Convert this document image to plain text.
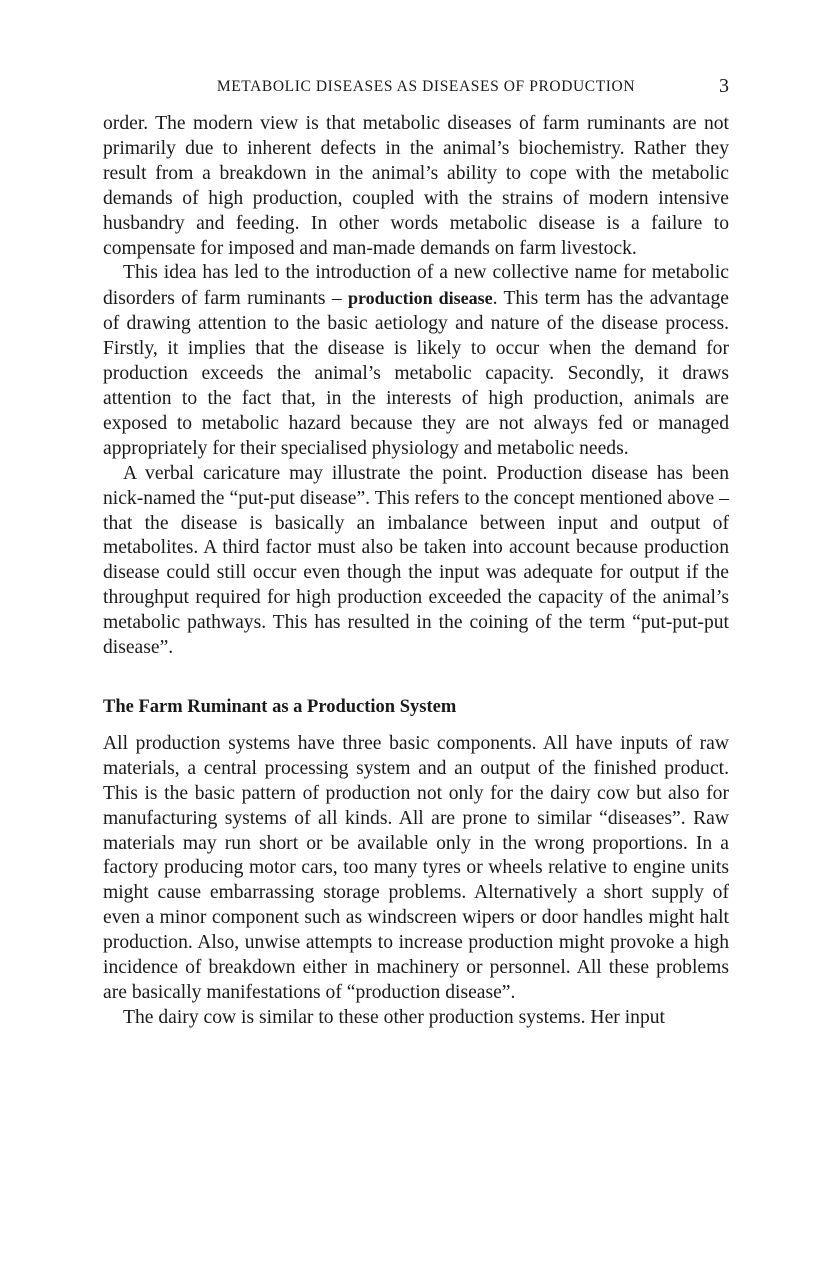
METABOLIC DISEASES AS DISEASES OF PRODUCTION	3

order. The modern view is that metabolic diseases of farm ruminants are not primarily due to inherent defects in the animal’s biochemistry. Rather they result from a breakdown in the animal’s ability to cope with the metabolic demands of high production, coupled with the strains of modern intensive husbandry and feeding. In other words metabolic disease is a failure to compensate for imposed and man-made demands on farm livestock.

This idea has led to the introduction of a new collective name for metabolic disorders of farm ruminants – production disease. This term has the advantage of drawing attention to the basic aetiology and nature of the disease process. Firstly, it implies that the disease is likely to occur when the demand for production exceeds the animal’s metabolic capacity. Secondly, it draws attention to the fact that, in the interests of high production, animals are exposed to metabolic hazard because they are not always fed or managed appropriately for their specialised physiology and metabolic needs.

A verbal caricature may illustrate the point. Production disease has been nick-named the “put-put disease”. This refers to the concept mentioned above – that the disease is basically an imbalance between input and output of metabolites. A third factor must also be taken into account because production disease could still occur even though the input was adequate for output if the throughput required for high production exceeded the capacity of the animal’s metabolic pathways. This has resulted in the coining of the term “put-put-put disease”.

The Farm Ruminant as a Production System

All production systems have three basic components. All have inputs of raw materials, a central processing system and an output of the finished product. This is the basic pattern of production not only for the dairy cow but also for manufacturing systems of all kinds. All are prone to similar “diseases”. Raw materials may run short or be available only in the wrong proportions. In a factory producing motor cars, too many tyres or wheels relative to engine units might cause embarrassing storage problems. Alternatively a short supply of even a minor component such as windscreen wipers or door handles might halt production. Also, unwise attempts to increase production might provoke a high incidence of breakdown either in machinery or personnel. All these problems are basically manifestations of “production disease”.

The dairy cow is similar to these other production systems. Her input
